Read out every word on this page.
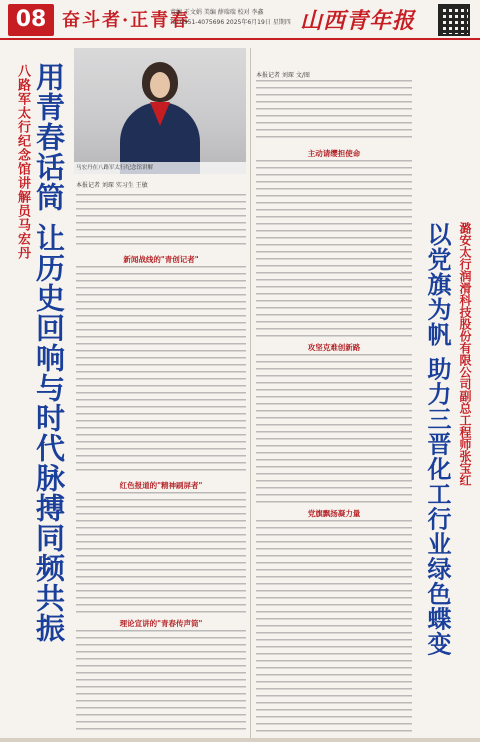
08 奋斗者·正青春
责编 王文娟 美编 薛瑞瑞 校对 李鑫
Tel:0351-4075696 2025年6月19日 星期四 山西青年报
八路军太行纪念馆讲解员马宏丹 用青春话筒 让历史回响与时代脉搏同频共振 马宏丹在八路军太行纪念馆讲解
本报记者 刘琛 实习生 王敏
新闻战线的"青创记者"
红色报道的"精神刷屏者"
理论宣讲的"青春传声筒"
本报记者 刘琛 文/图
主动请缨担使命
攻坚克难创新路
党旗飘扬凝力量
潞安太行润滑科技股份有限公司副总工程师张宝红
以党旗为帆 助力三晋化工行业绿色蝶变
